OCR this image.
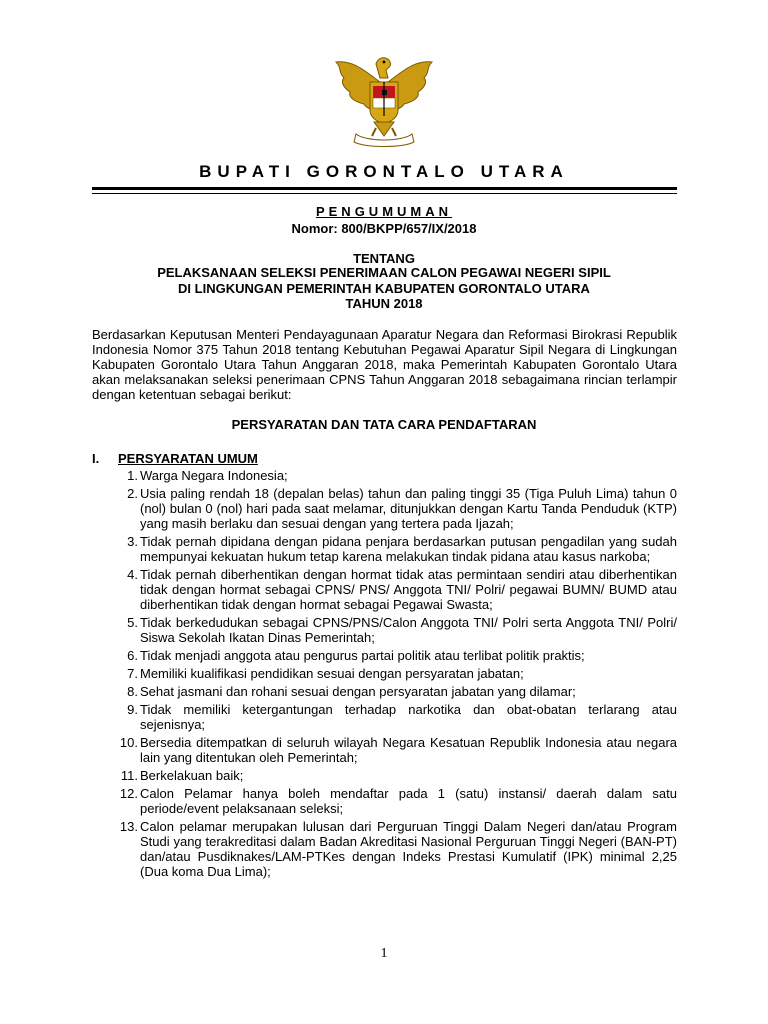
BUPATI GORONTALO UTARA
PENGUMUMAN
Nomor: 800/BKPP/657/IX/2018
TENTANG
PELAKSANAAN SELEKSI PENERIMAAN CALON PEGAWAI NEGERI SIPIL
DI LINGKUNGAN PEMERINTAH KABUPATEN GORONTALO UTARA
TAHUN 2018
Berdasarkan Keputusan Menteri Pendayagunaan Aparatur Negara dan Reformasi Birokrasi Republik Indonesia Nomor 375 Tahun 2018 tentang Kebutuhan Pegawai Aparatur Sipil Negara di Lingkungan Kabupaten Gorontalo Utara Tahun Anggaran 2018, maka Pemerintah Kabupaten Gorontalo Utara akan melaksanakan seleksi penerimaan CPNS Tahun Anggaran 2018 sebagaimana rincian terlampir dengan ketentuan sebagai berikut:
PERSYARATAN DAN TATA CARA PENDAFTARAN
I. PERSYARATAN UMUM
1. Warga Negara Indonesia;
2. Usia paling rendah 18 (depalan belas) tahun dan paling tinggi 35 (Tiga Puluh Lima) tahun 0 (nol) bulan 0 (nol) hari pada saat melamar, ditunjukkan dengan Kartu Tanda Penduduk (KTP) yang masih berlaku dan sesuai dengan yang tertera pada Ijazah;
3. Tidak pernah dipidana dengan pidana penjara berdasarkan putusan pengadilan yang sudah mempunyai kekuatan hukum tetap karena melakukan tindak pidana atau kasus narkoba;
4. Tidak pernah diberhentikan dengan hormat tidak atas permintaan sendiri atau diberhentikan tidak dengan hormat sebagai CPNS/ PNS/ Anggota TNI/ Polri/ pegawai BUMN/ BUMD atau diberhentikan tidak dengan hormat sebagai Pegawai Swasta;
5. Tidak berkedudukan sebagai CPNS/PNS/Calon Anggota TNI/ Polri serta Anggota TNI/ Polri/ Siswa Sekolah Ikatan Dinas Pemerintah;
6. Tidak menjadi anggota atau pengurus partai politik atau terlibat politik praktis;
7. Memiliki kualifikasi pendidikan sesuai dengan persyaratan jabatan;
8. Sehat jasmani dan rohani sesuai dengan persyaratan jabatan yang dilamar;
9. Tidak memiliki ketergantungan terhadap narkotika dan obat-obatan terlarang atau sejenisnya;
10. Bersedia ditempatkan di seluruh wilayah Negara Kesatuan Republik Indonesia atau negara lain yang ditentukan oleh Pemerintah;
11. Berkelakuan baik;
12. Calon Pelamar hanya boleh mendaftar pada 1 (satu) instansi/ daerah dalam satu periode/event pelaksanaan seleksi;
13. Calon pelamar merupakan lulusan dari Perguruan Tinggi Dalam Negeri dan/atau Program Studi yang terakreditasi dalam Badan Akreditasi Nasional Perguruan Tinggi Negeri (BAN-PT) dan/atau Pusdiknakes/LAM-PTKes dengan Indeks Prestasi Kumulatif (IPK) minimal 2,25 (Dua koma Dua Lima);
1
